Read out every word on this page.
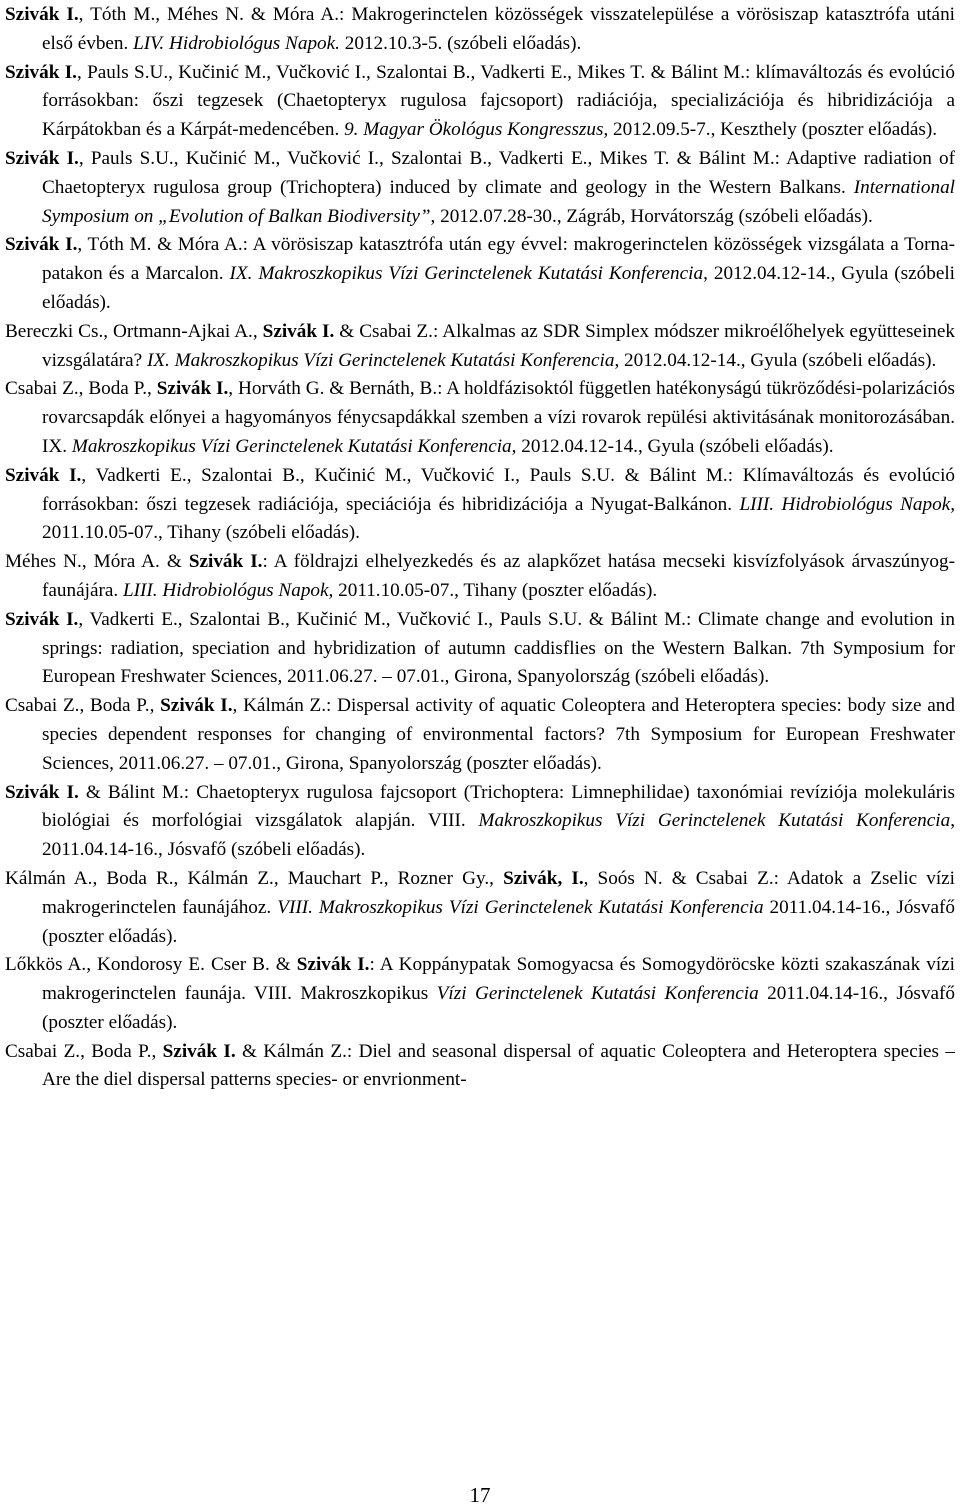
Szivák I., Tóth M., Méhes N. & Móra A.: Makrogerinctelen közösségek visszatelepülése a vörösiszap katasztrófa utáni első évben. LIV. Hidrobiológus Napok. 2012.10.3-5. (szóbeli előadás).

Szivák I., Pauls S.U., Kučinić M., Vučković I., Szalontai B., Vadkerti E., Mikes T. & Bálint M.: klímaváltozás és evolúció forrásokban: őszi tegzesek (Chaetopteryx rugulosa fajcsoport) radiációja, specializációja és hibridizációja a Kárpátokban és a Kárpát-medencében. 9. Magyar Ökológus Kongresszus, 2012.09.5-7., Keszthely (poszter előadás).

Szivák I., Pauls S.U., Kučinić M., Vučković I., Szalontai B., Vadkerti E., Mikes T. & Bálint M.: Adaptive radiation of Chaetopteryx rugulosa group (Trichoptera) induced by climate and geology in the Western Balkans. International Symposium on „Evolution of Balkan Biodiversity”, 2012.07.28-30., Zágráb, Horvátország (szóbeli előadás).

Szivák I., Tóth M. & Móra A.: A vörösiszap katasztrófa után egy évvel: makrogerinctelen közösségek vizsgálata a Torna-patakon és a Marcalon. IX. Makroszkopikus Vízi Gerinctelenek Kutatási Konferencia, 2012.04.12-14., Gyula (szóbeli előadás).

Bereczki Cs., Ortmann-Ajkai A., Szivák I. & Csabai Z.: Alkalmas az SDR Simplex módszer mikroélőhelyek együtteseinek vizsgálatára? IX. Makroszkopikus Vízi Gerinctelenek Kutatási Konferencia, 2012.04.12-14., Gyula (szóbeli előadás).

Csabai Z., Boda P., Szivák I., Horváth G. & Bernáth, B.: A holdfázisoktól független hatékonyságú tükröződési-polarizációs rovarcsapdák előnyei a hagyományos fénycsapdákkal szemben a vízi rovarok repülési aktivitásának monitorozásában. IX. Makroszkopikus Vízi Gerinctelenek Kutatási Konferencia, 2012.04.12-14., Gyula (szóbeli előadás).

Szivák I., Vadkerti E., Szalontai B., Kučinić M., Vučković I., Pauls S.U. & Bálint M.: Klímaváltozás és evolúció forrásokban: őszi tegzesek radiációja, speciációja és hibridizációja a Nyugat-Balkánon. LIII. Hidrobiológus Napok, 2011.10.05-07., Tihany (szóbeli előadás).

Méhes N., Móra A. & Szivák I.: A földrajzi elhelyezkedés és az alapkőzet hatása mecseki kisvízfolyások árvaszúnyog-faunájára. LIII. Hidrobiológus Napok, 2011.10.05-07., Tihany (poszter előadás).

Szivák I., Vadkerti E., Szalontai B., Kučinić M., Vučković I., Pauls S.U. & Bálint M.: Climate change and evolution in springs: radiation, speciation and hybridization of autumn caddisflies on the Western Balkan. 7th Symposium for European Freshwater Sciences, 2011.06.27. – 07.01., Girona, Spanyolország (szóbeli előadás).

Csabai Z., Boda P., Szivák I., Kálmán Z.: Dispersal activity of aquatic Coleoptera and Heteroptera species: body size and species dependent responses for changing of environmental factors? 7th Symposium for European Freshwater Sciences, 2011.06.27. – 07.01., Girona, Spanyolország (poszter előadás).

Szivák I. & Bálint M.: Chaetopteryx rugulosa fajcsoport (Trichoptera: Limnephilidae) taxonómiai revíziója molekuláris biológiai és morfológiai vizsgálatok alapján. VIII. Makroszkopikus Vízi Gerinctelenek Kutatási Konferencia, 2011.04.14-16., Jósvafő (szóbeli előadás).

Kálmán A., Boda R., Kálmán Z., Mauchart P., Rozner Gy., Szivák, I., Soós N. & Csabai Z.: Adatok a Zselic vízi makrogerinctelen faunájához. VIII. Makroszkopikus Vízi Gerinctelenek Kutatási Konferencia 2011.04.14-16., Jósvafő (poszter előadás).

Lőkkös A., Kondorosy E. Cser B. & Szivák I.: A Koppánypatak Somogyacsa és Somogydöröcske közti szakaszának vízi makrogerinctelen faunája. VIII. Makroszkopikus Vízi Gerinctelenek Kutatási Konferencia 2011.04.14-16., Jósvafő (poszter előadás).

Csabai Z., Boda P., Szivák I. & Kálmán Z.: Diel and seasonal dispersal of aquatic Coleoptera and Heteroptera species – Are the diel dispersal patterns species- or envrionment-

17
